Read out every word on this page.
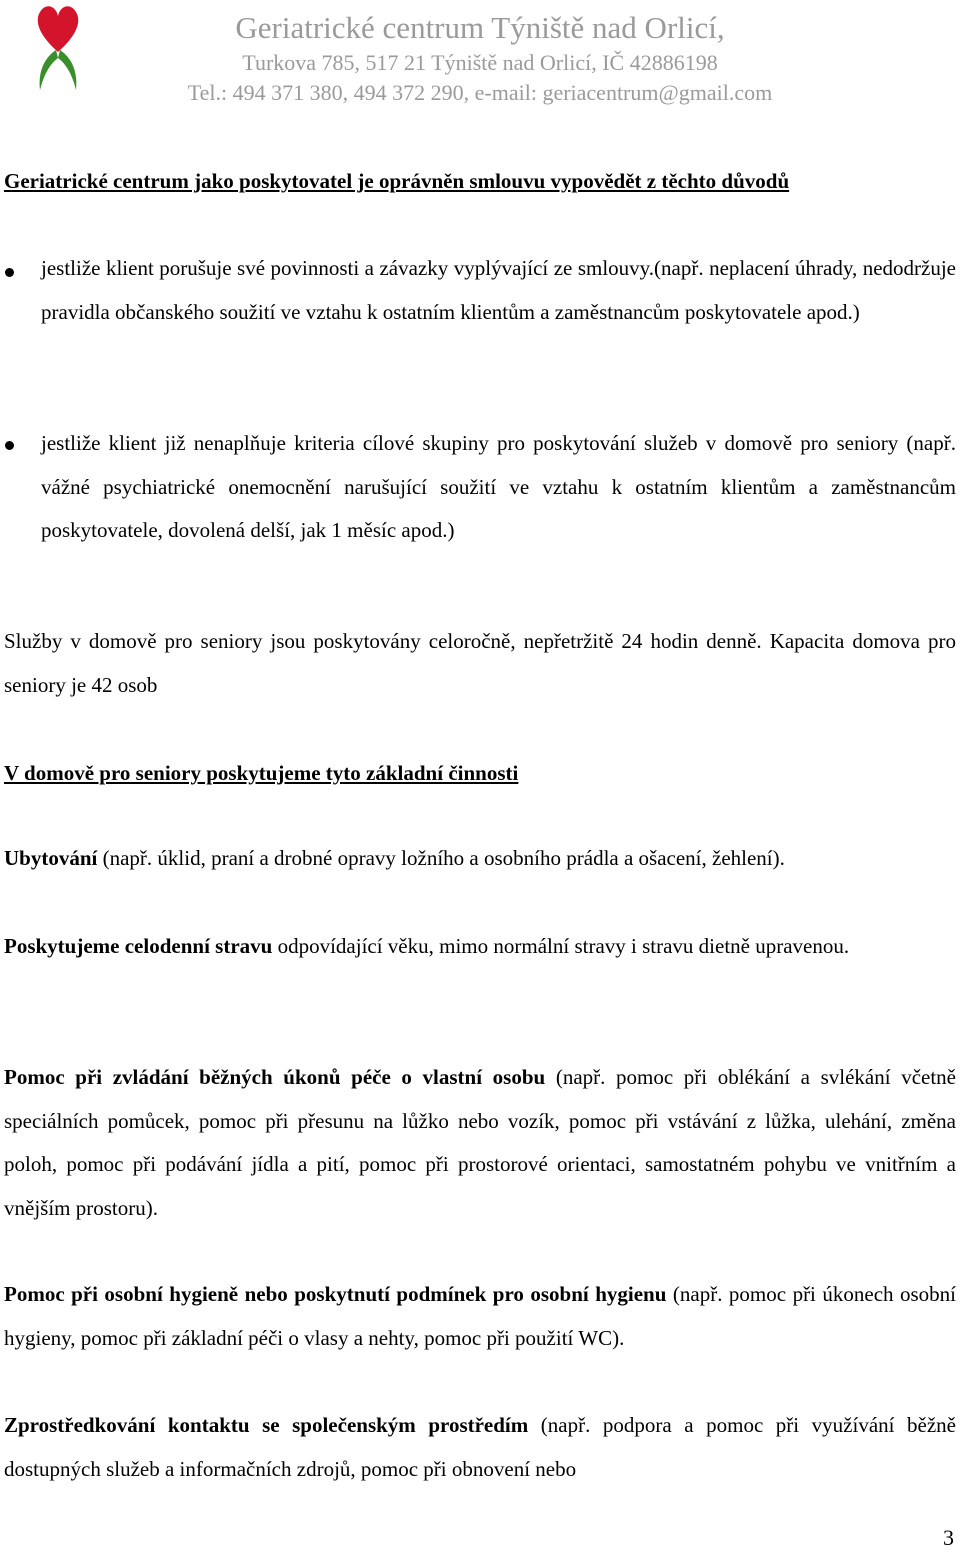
Geriatrické centrum Týniště nad Orlicí,
Turkova 785, 517 21 Týniště nad Orlicí, IČ 42886198
Tel.: 494 371 380, 494 372 290, e-mail: geriacentrum@gmail.com
Geriatrické centrum jako poskytovatel je oprávněn smlouvu vypovědět z těchto důvodů
jestliže klient porušuje své povinnosti a závazky vyplývající ze smlouvy.(např. neplacení úhrady, nedodržuje pravidla občanského soužití ve vztahu k ostatním klientům a zaměstnancům poskytovatele apod.)
jestliže klient již nenaplňuje kriteria cílové skupiny pro poskytování služeb v domově pro seniory (např. vážné psychiatrické onemocnění narušující soužití ve vztahu k ostatním klientům a zaměstnancům poskytovatele, dovolená delší, jak 1 měsíc apod.)
Služby v domově pro seniory jsou poskytovány celoročně, nepřetržitě 24 hodin denně. Kapacita domova pro seniory je 42 osob
V domově pro seniory poskytujeme tyto základní činnosti
Ubytování (např. úklid, praní a drobné opravy ložního a osobního prádla a ošacení, žehlení).
Poskytujeme celodenní stravu odpovídající věku, mimo normální stravy i stravu dietně upravenou.
Pomoc při zvládání běžných úkonů péče o vlastní osobu (např. pomoc při oblékání a svlékání včetně speciálních pomůcek, pomoc při přesunu na lůžko nebo vozík, pomoc při vstávání z lůžka, ulehání, změna poloh, pomoc při podávání jídla a pití, pomoc při prostorové orientaci, samostatném pohybu ve vnitřním a vnějším prostoru).
Pomoc při osobní hygieně nebo poskytnutí podmínek pro osobní hygienu (např. pomoc při úkonech osobní hygieny, pomoc při základní péči o vlasy a nehty, pomoc při použití WC).
Zprostředkování kontaktu se společenským prostředím (např. podpora a pomoc při využívání běžně dostupných služeb a informačních zdrojů, pomoc při obnovení nebo
3
